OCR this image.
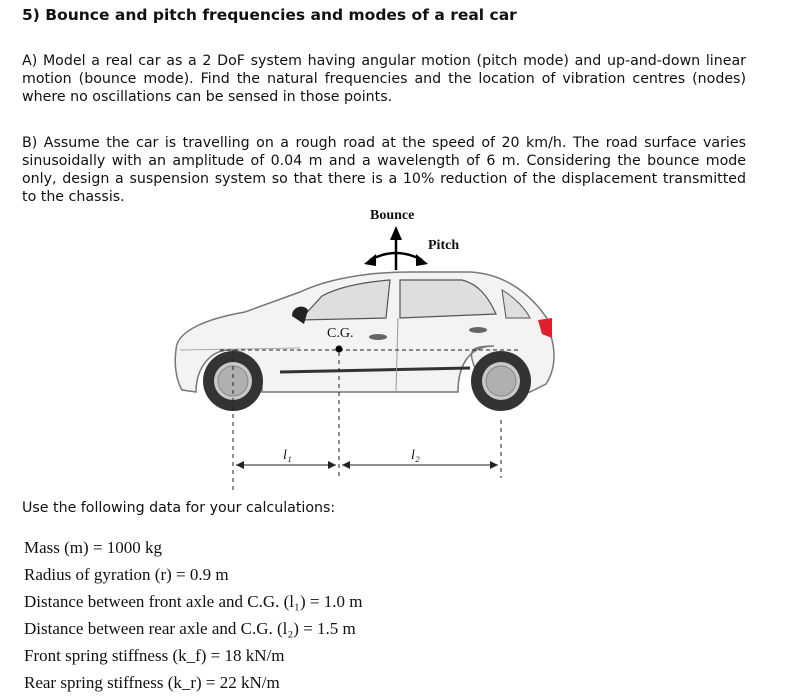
5) Bounce and pitch frequencies and modes of a real car
A) Model a real car as a 2 DoF system having angular motion (pitch mode) and up-and-down linear motion (bounce mode). Find the natural frequencies and the location of vibration centres (nodes) where no oscillations can be sensed in those points.
B) Assume the car is travelling on a rough road at the speed of 20 km/h. The road surface varies sinusoidally with an amplitude of 0.04 m and a wavelength of 6 m. Considering the bounce mode only, design a suspension system so that there is a 10% reduction of the displacement transmitted to the chassis.
Bounce
Pitch
C.G.
l₁	l₂
Use the following data for your calculations:
Mass (m) = 1000 kg
Radius of gyration (r) = 0.9 m
Distance between front axle and C.G. (l₁) = 1.0 m
Distance between rear axle and C.G. (l₂) = 1.5 m
Front spring stiffness (k_f) = 18 kN/m
Rear spring stiffness (k_r) = 22 kN/m
